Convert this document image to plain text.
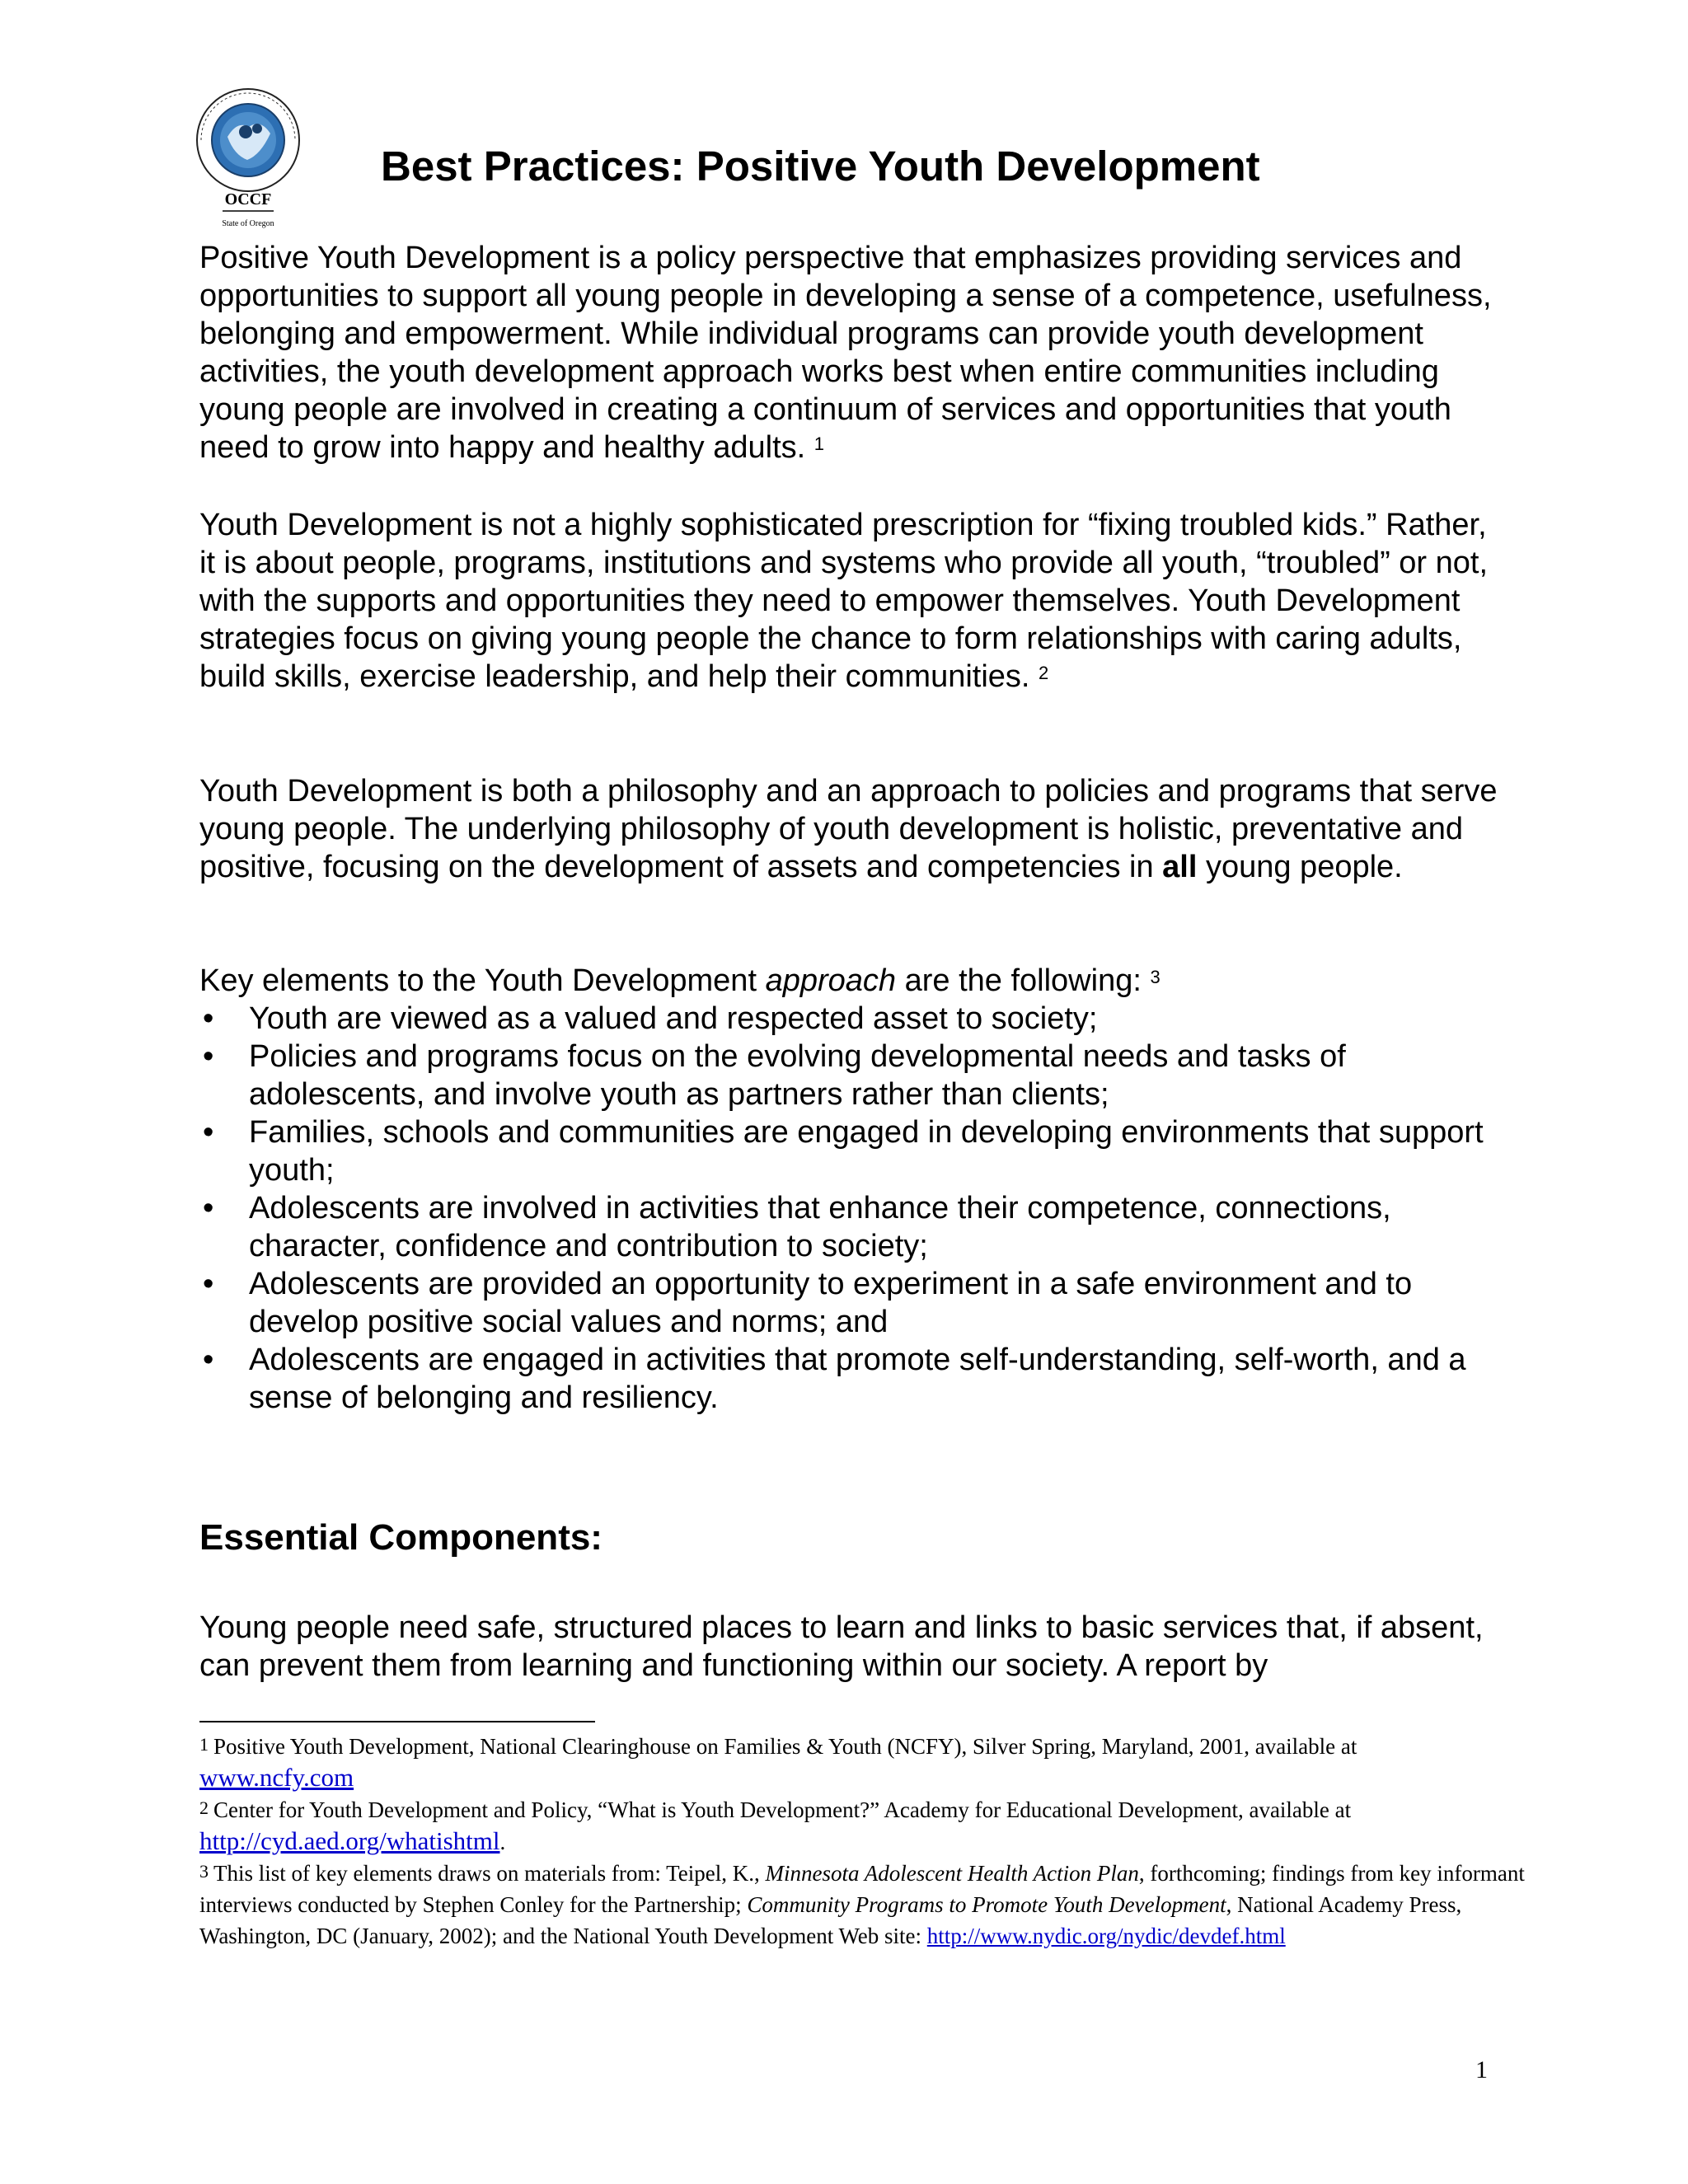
OCCF
State of Oregon
Best Practices: Positive Youth Development

Positive Youth Development is a policy perspective that emphasizes providing services and opportunities to support all young people in developing a sense of a competence, usefulness, belonging and empowerment. While individual programs can provide youth development activities, the youth development approach works best when entire communities including young people are involved in creating a continuum of services and opportunities that youth need to grow into happy and healthy adults. $^1$

Youth Development is not a highly sophisticated prescription for “fixing troubled kids.” Rather, it is about people, programs, institutions and systems who provide all youth, “troubled” or not, with the supports and opportunities they need to empower themselves. Youth Development strategies focus on giving young people the chance to form relationships with caring adults, build skills, exercise leadership, and help their communities. $^2$

Youth Development is both a philosophy and an approach to policies and programs that serve young people. The underlying philosophy of youth development is holistic, preventative and positive, focusing on the development of assets and competencies in all young people.

Key elements to the Youth Development approach are the following: $^3$

• Youth are viewed as a valued and respected asset to society;
• Policies and programs focus on the evolving developmental needs and tasks of adolescents, and involve youth as partners rather than clients;
• Families, schools and communities are engaged in developing environments that support youth;
• Adolescents are involved in activities that enhance their competence, connections, character, confidence and contribution to society;
• Adolescents are provided an opportunity to experiment in a safe environment and to develop positive social values and norms; and
• Adolescents are engaged in activities that promote self-understanding, self-worth, and a sense of belonging and resiliency.
Essential Components:

Young people need safe, structured places to learn and links to basic services that, if absent, can prevent them from learning and functioning within our society. A report by

$^1$ Positive Youth Development, National Clearinghouse on Families & Youth (NCFY), Silver Spring, Maryland, 2001, available at
www.ncfy.com

$^2$ Center for Youth Development and Policy, “What is Youth Development?” Academy for Educational Development, available at
http://cyd.aed.org/whatishtml.

$^3$ This list of key elements draws on materials from: Teipel, K., Minnesota Adolescent Health Action Plan, forthcoming; findings from key informant interviews conducted by Stephen Conley for the Partnership; Community Programs to Promote Youth Development, National Academy Press, Washington, DC (January, 2002); and the National Youth Development Web site: http://www.nydic.org/nydic/devdef.html

1
